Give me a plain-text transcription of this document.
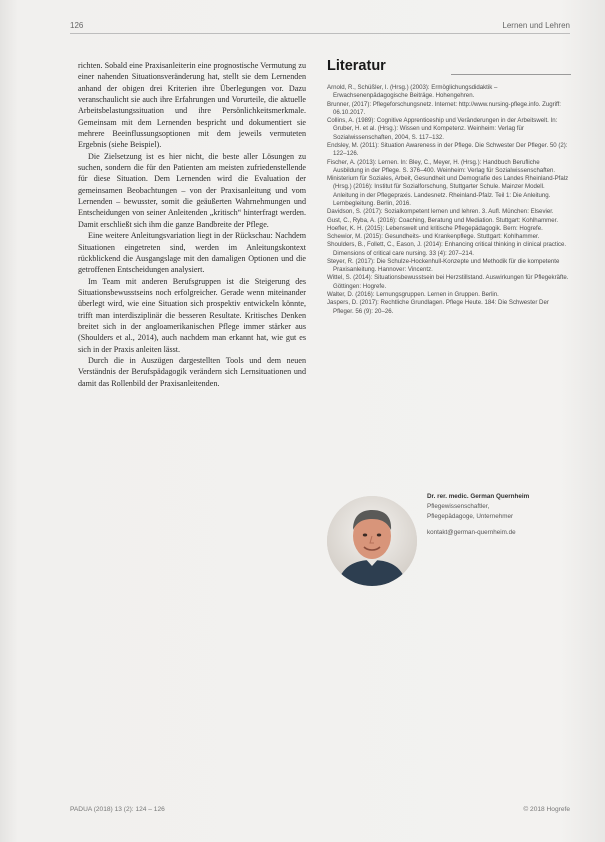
126	Lernen und Lehren

richten. Sobald eine Praxisanleiterin eine prognostische Vermutung zu einer nahenden Situationsveränderung hat, stellt sie dem Lernenden anhand der obigen drei Kriterien ihre Überlegungen vor. Dazu veranschaulicht sie auch ihre Erfahrungen und Vorurteile, die aktuelle Arbeitsbelastungssituation und ihre Persönlichkeitsmerkmale. Gemeinsam mit dem Lernenden bespricht und dokumentiert sie mehrere Beeinflussungsoptionen mit dem jeweils vermuteten Ergebnis (siehe Beispiel).

Die Zielsetzung ist es hier nicht, die beste aller Lösungen zu suchen, sondern die für den Patienten am meisten zufriedenstellende für diese Situation. Dem Lernenden wird die Evaluation der gemeinsamen Beobachtungen – von der Praxisanleitung und vom Lernenden – bewusster, somit die geäußerten Wahrnehmungen und Entscheidungen von seiner Anleitenden „kritisch“ hinterfragt werden. Damit erschließt sich ihm die ganze Bandbreite der Pflege.

Eine weitere Anleitungsvariation liegt in der Rückschau: Nachdem Situationen eingetreten sind, werden im Anleitungskontext rückblickend die Ausgangslage mit den damaligen Optionen und die getroffenen Entscheidungen analysiert.

Im Team mit anderen Berufsgruppen ist die Steigerung des Situationsbewusstseins noch erfolgreicher. Gerade wenn miteinander überlegt wird, wie eine Situation sich prospektiv entwickeln könnte, trifft man interdisziplinär die besseren Resultate. Kritisches Denken breitet sich in der angloamerikanischen Pflege immer stärker aus (Shoulders et al., 2014), auch nachdem man erkannt hat, wie gut es sich in der Praxis anleiten lässt.

Durch die in Auszügen dargestellten Tools und dem neuen Verständnis der Berufspädagogik verändern sich Lernsituationen und damit das Rollenbild der Praxisanleitenden.

Literatur

Arnold, R., Schüßler, I. (Hrsg.) (2003): Ermöglichungsdidaktik – Erwachsenenpädagogische Beiträge. Hohengehren.

Brunner, (2017): Pflegeforschungsnetz. Internet: http://www.nursing-pflege.info. Zugriff: 06.10.2017.

Collins, A. (1989): Cognitive Apprenticeship und Veränderungen in der Arbeitswelt. In: Gruber, H. et al. (Hrsg.): Wissen und Kompetenz. Weinheim: Verlag für Sozialwissenschaften, 2004, S. 117–132.

Endsley, M. (2011): Situation Awareness in der Pflege. Die Schwester Der Pfleger. 50 (2): 122–126.

Fischer, A. (2013): Lernen. In: Bley, C., Meyer, H. (Hrsg.): Handbuch Berufliche Ausbildung in der Pflege. S. 376–400. Weinheim: Verlag für Sozialwissenschaften.

Ministerium für Soziales, Arbeit, Gesundheit und Demografie des Landes Rheinland-Pfalz (Hrsg.) (2016): Institut für Sozialforschung, Stuttgarter Schule. Mainzer Modell. Anleitung in der Pflegepraxis. Landesnetz. Rheinland-Pfalz. Teil 1: Die Anleitung. Lernbegleitung. Berlin, 2016.

Davidson, S. (2017): Sozialkompetent lernen und lehren. 3. Aufl. München: Elsevier.

Gust, C., Ryba, A. (2016): Coaching, Beratung und Mediation. Stuttgart: Kohlhammer.

Hoefler, K. H. (2015): Lebenswelt und kritische Pflegepädagogik. Bern: Hogrefe.

Schewior, M. (2015): Gesundheits- und Krankenpflege. Stuttgart: Kohlhammer.

Shoulders, B., Follett, C., Eason, J. (2014): Enhancing critical thinking in clinical practice. Dimensions of critical care nursing. 33 (4): 207–214.

Steyer, R. (2017): Die Schulze-Hockenhull-Konzepte und Methodik für die kompetente Praxisanleitung. Hannover: Vincentz.

Wittel, S. (2014): Situationsbewusstsein bei Herzstillstand. Auswirkungen für Pflegekräfte. Göttingen: Hogrefe.

Walter, D. (2016): Lernungsgruppen. Lernen in Gruppen. Berlin.

Jaspers, D. (2017): Rechtliche Grundlagen. Pflege Heute. 184: Die Schwester Der Pfleger. 56 (9): 20–26.

Dr. rer. medic. German Quernheim
Pflegewissenschaftler,
Pflegepädagoge, Unternehmer
kontakt@german-quernheim.de
PADUA (2018) 13 (2): 124 – 126	© 2018 Hogrefe
